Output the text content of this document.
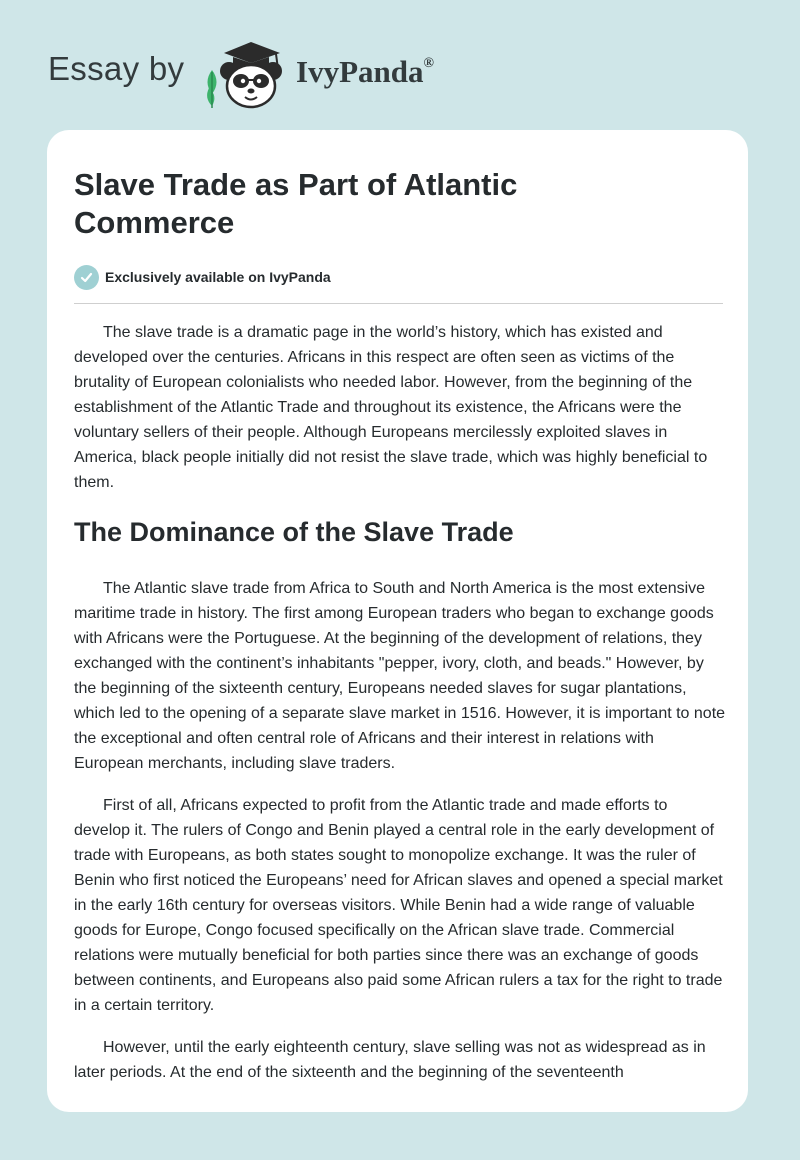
Essay by	IvyPanda®
Slave Trade as Part of Atlantic Commerce
Exclusively available on IvyPanda

The slave trade is a dramatic page in the world’s history, which has existed and developed over the centuries. Africans in this respect are often seen as victims of the brutality of European colonialists who needed labor. However, from the beginning of the establishment of the Atlantic Trade and throughout its existence, the Africans were the voluntary sellers of their people. Although Europeans mercilessly exploited slaves in America, black people initially did not resist the slave trade, which was highly beneficial to them.

The Dominance of the Slave Trade

The Atlantic slave trade from Africa to South and North America is the most extensive maritime trade in history. The first among European traders who began to exchange goods with Africans were the Portuguese. At the beginning of the development of relations, they exchanged with the continent’s inhabitants "pepper, ivory, cloth, and beads." However, by the beginning of the sixteenth century, Europeans needed slaves for sugar plantations, which led to the opening of a separate slave market in 1516. However, it is important to note the exceptional and often central role of Africans and their interest in relations with European merchants, including slave traders.

First of all, Africans expected to profit from the Atlantic trade and made efforts to develop it. The rulers of Congo and Benin played a central role in the early development of trade with Europeans, as both states sought to monopolize exchange. It was the ruler of Benin who first noticed the Europeans’ need for African slaves and opened a special market in the early 16th century for overseas visitors. While Benin had a wide range of valuable goods for Europe, Congo focused specifically on the African slave trade. Commercial relations were mutually beneficial for both parties since there was an exchange of goods between continents, and Europeans also paid some African rulers a tax for the right to trade in a certain territory.

However, until the early eighteenth century, slave selling was not as widespread as in later periods. At the end of the sixteenth and the beginning of the seventeenth
